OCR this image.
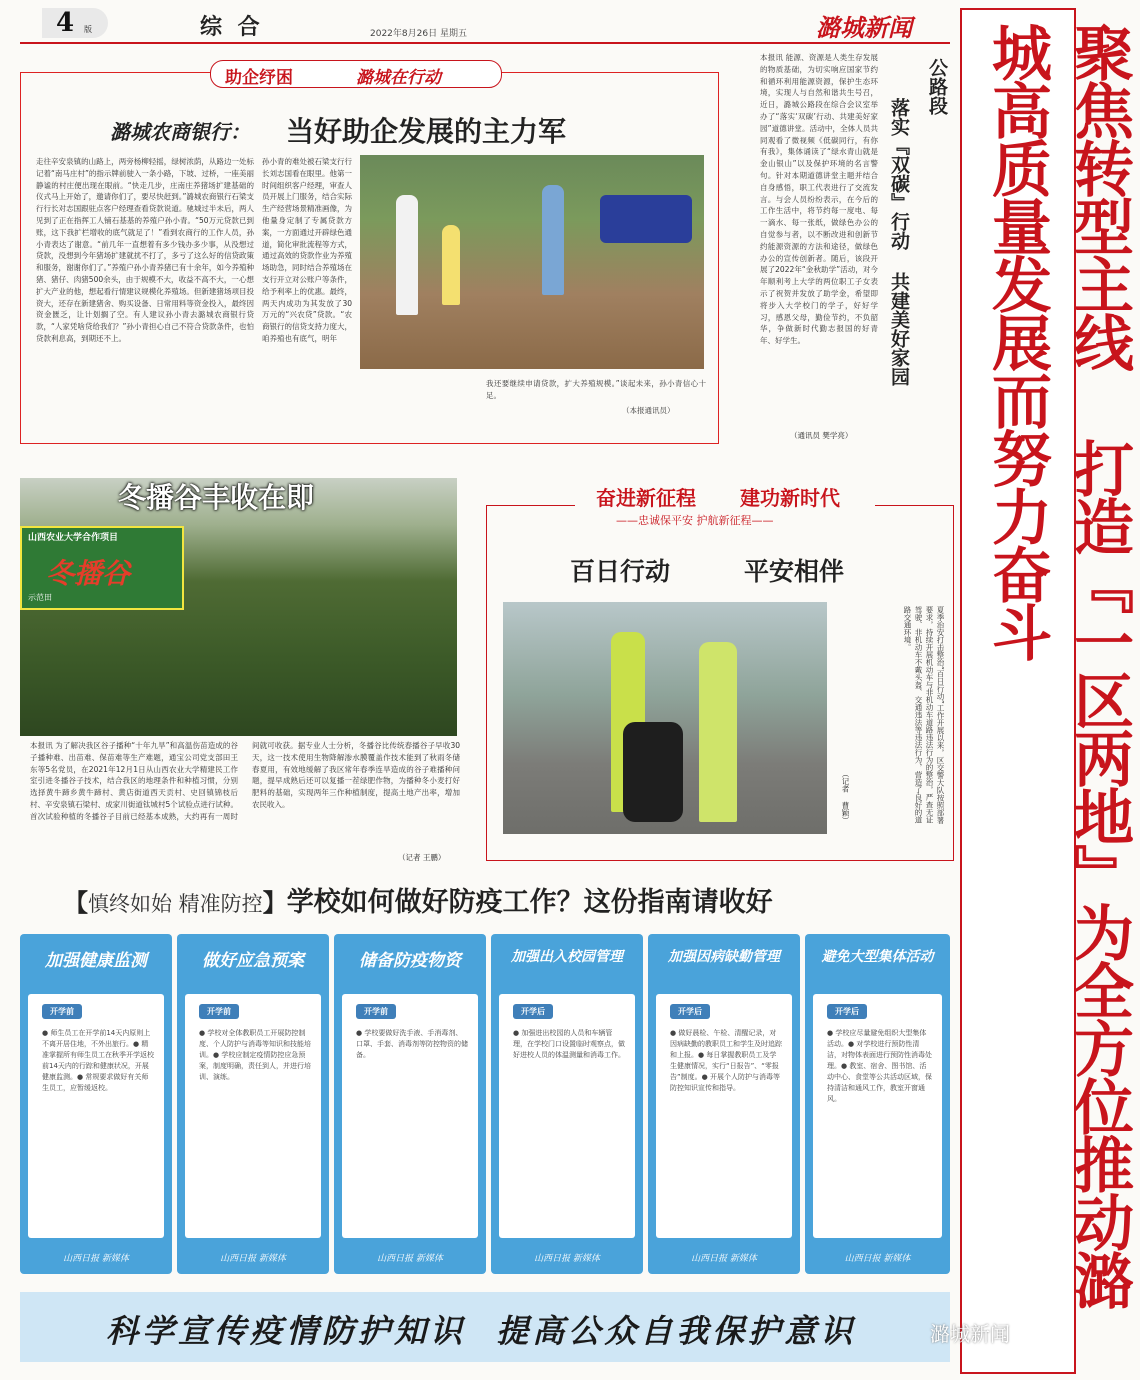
4 版	综 合	2022年8月26日 星期五	潞城新闻	聚焦转型主线 打造『一区两地』为全方位推动潞城高质量发展而努力奋斗
助企纾困	潞城在行动
潞城农商银行： 当好助企发展的主力军
走往辛安泉镇的山路上，两旁杨柳轻摇，绿树浓荫，从路边一处标记着“南马庄村”的指示牌前驶入一条小路，下坡、过桥，一座美丽静谧的村庄便出现在眼前。“快走几步，庄南庄养猪场扩建基础的仪式马上开始了，邀请你们了，要尽快赶到。”潞城农商银行石梁支行行长对志国跟驻点客户经理查看贷款说道。驰城过半未后，两人见到了正在指挥工人铺石基基的养殖户孙小青。“50万元贷款已到账，这下我扩栏增收的底气就足了！”看到农商行的工作人员，孙小青表达了谢意。“前几年一直想着有多少钱办多少事，从没想过贷款，没想到今年猪场扩建就扰不打了，多亏了这么好的信贷政策和服务，谢谢你们了。”养殖户孙小青养猪已有十余年，如今养殖种猪、猪仔、肉猪500余头，由于规模不大，收益不高不大，一心想扩大产业的他，想起看行情建议规模化养殖场。但新建猪场项目投资大，还存在新建猪舍、购买设备、日常用料等资金投入，最终因资金匮乏，让计划搁了空。有人建议孙小青去潞城农商银行贷款，“人家凭啥贷给我们？”孙小青担心自己不符合贷款条件，也怕贷款利息高，到期还不上。
孙小青的难处被石梁支行行长刘志国看在眼里。他第一时间组织客户经理，审查人员开展上门服务，结合实际生产经营场景精准画像，为他量身定制了专属贷款方案，一方面通过开辟绿色通道，简化审批流程等方式，通过高效的贷款作业为养殖场助急，同时结合养殖场在支行开立对公账户等条件，给予利率上的优惠。最终，两天内成功为其发放了30万元的“兴农贷”贷款。“农商银行的信贷支持力度大，咱养殖也有底气，明年
我还要继续申请贷款，扩大养殖规模。”谈起未来，孙小青信心十足。
（本报通讯员）
公路段
落实『双碳』行动 共建美好家园
本报讯 能源、资源是人类生存发展的物质基础，为切实响应国家节约和循环利用能源资源，保护生态环境，实现人与自然和谐共生号召，近日，潞城公路段在综合会议室举办了“落实‘双碳’行动、共建美好家园”道德讲堂。活动中，全体人员共同观看了微视频《低碳同行，有你有我》，集体诵读了“绿水青山就是金山银山”以及保护环境的名言警句。针对本期道德讲堂主题并结合自身感悟，职工代表进行了交流发言。与会人员纷纷表示，在今后的工作生活中，将节约每一度电、每一滴水、每一张纸，做绿色办公的自觉参与者，以不断改进和创新节约能源资源的方法和途径，做绿色办公的宣传创新者。随后，该段开展了2022年“金秋助学”活动，对今年顺利考上大学的两位职工子女表示了祝贺并发放了助学金，希望即将步入大学校门的学子，好好学习，感恩父母，勤俭节约，不负韶华，争做新时代勤志报国的好青年、好学生。
（通讯员 樊学亮）
山西农业大学合作项目
冬播谷
示范田
冬播谷丰收在即
本报讯 为了解决我区谷子播种“十年九旱”和高温伤苗造成的谷子播种难、出苗难、保苗难等生产难题，通宝公司党支部田王东等5名党员，在2021年12月1日从山西农业大学精建民工作室引进冬播谷子技术，结合我区的地理条件和种植习惯，分别选择黄牛蹄乡黄牛蹄村、黄店街道西天贡村、史回镇锦枝后村、辛安泉镇石梁村、成家川街道钛城村5个试验点进行试种。首次试验种植的冬播谷子目前已经基本成熟，大约再有一周时间就可收获。据专业人士分析，冬播谷比传统春播谷子早收30天，这一技术使用生物降解渗水膜覆盖作技术能到了秋雨冬储春夏用，有效地缓解了我区常年春季连旱造成的谷子难播种问题，提早成熟后还可以复播一茬绿肥作物，为播种冬小麦打好肥料的基础，实现两年三作种植制度，提高土地产出率，增加农民收入。
（记者 王鹏）
奋进新征程 建功新时代
——忠诚保平安 护航新征程——
百日行动	平安相伴
夏季治安打击整治“百日行动”工作开展以来，区交警大队按照部署要求，持续开展机动车与非机动车道路违法行为的整治，严查无证驾驶、非机动车不戴头盔、交通违法等违法行为，营造了良好的道路交通环境。
（记者 曹颖）
【慎终如始 精准防控】学校如何做好防疫工作？这份指南请收好
加强健康监测
开学前
● 师生员工在开学前14天内原则上不离开居住地，不外出旅行。● 精准掌握所有师生员工在秋季开学返校前14天内的行踪和健康状况，开展健康监测。● 常规要求做好有关师生员工，应暂缓返校。
山西日报 新媒体
做好应急预案
开学前
● 学校对全体教职员工开展防控制度、个人防护与消毒等知识和技能培训。● 学校应制定疫情防控应急预案，制度明确，责任到人，并进行培训、演练。
山西日报 新媒体
储备防疫物资
开学前
● 学校要做好洗手液、手消毒剂、口罩、手套、消毒剂等防控物资的储备。
山西日报 新媒体
加强出入校园管理
开学后
● 加强进出校园的人员和车辆管理，在学校门口设置临时观察点，做好进校人员的体温测量和消毒工作。
山西日报 新媒体
加强因病缺勤管理
开学后
● 做好晨检、午检、清醒记录，对因病缺勤的教职员工和学生及时追踪和上报。● 每日掌握教职员工及学生健康情况，实行“日报告”、“零报告”制度。● 开展个人防护与消毒等防控知识宣传和指导。
山西日报 新媒体
避免大型集体活动
开学后
● 学校应尽量避免组织大型集体活动。● 对学校进行预防性清洁，对物体表面进行预防性消毒处理。● 教室、宿舍、图书馆、活动中心、食堂等公共活动区域，保持清洁和通风工作，教室开窗通风。
山西日报 新媒体
科学宣传疫情防护知识  提高公众自我保护意识	潞城新闻
